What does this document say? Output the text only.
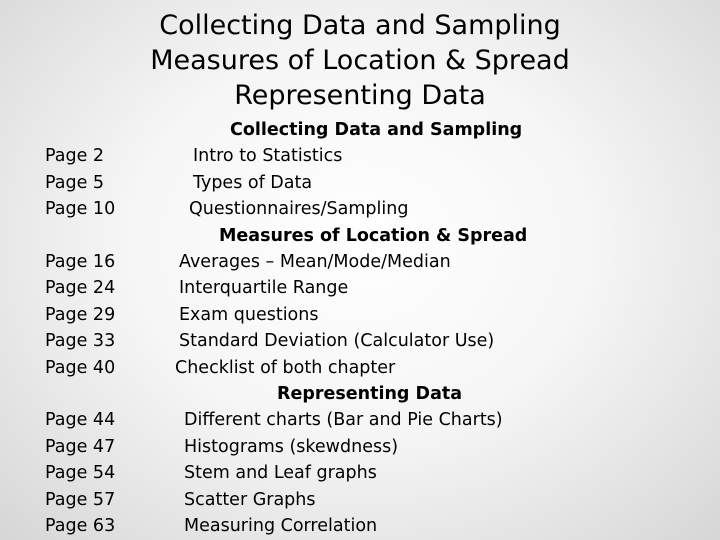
Collecting Data and Sampling
Measures of Location & Spread
Representing Data
Page 2
Page 5
Page 10
Page 16
Page 24
Page 29
Page 33
Page 40
Page 44
Page 47
Page 54
Page 57
Page 63
Collecting Data and Sampling
Intro to Statistics
Types of Data
Questionnaires/Sampling
Measures of Location & Spread
Averages – Mean/Mode/Median
Interquartile Range
Exam questions
Standard Deviation (Calculator Use)
Checklist of both chapter
Representing Data
Different charts (Bar and Pie Charts)
Histograms (skewdness)
Stem and Leaf graphs
Scatter Graphs
Measuring Correlation
